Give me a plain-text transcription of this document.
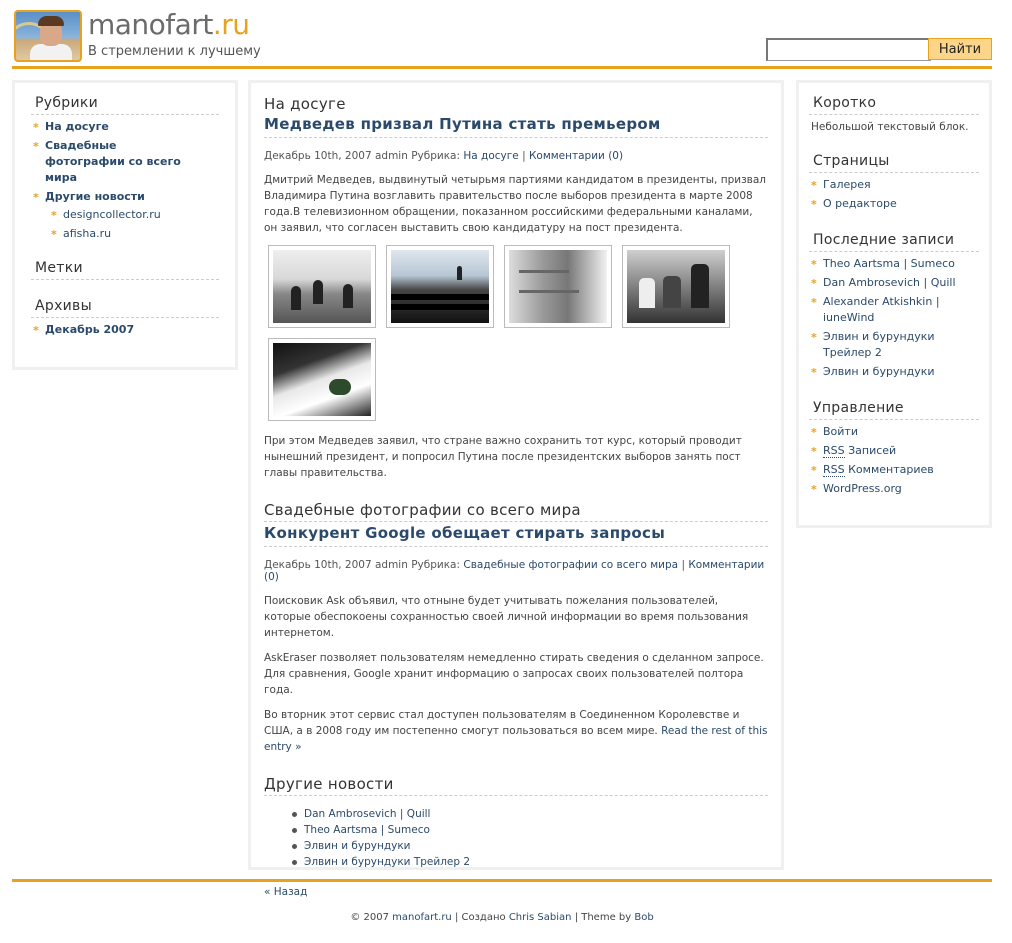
manofart.ru
В стремлении к лучшему	Найти
Рубрики
* На досуге
* Свадебные фотографии со всего мира
* Другие новости
* designcollector.ru
* afisha.ru
Метки
Архивы
* Декабрь 2007
На досуге
Медведев призвал Путина стать премьером
Декабрь 10th, 2007 admin Рубрика: На досуге | Комментарии (0)

Дмитрий Медведев, выдвинутый четырьмя партиями кандидатом в президенты, призвал Владимира Путина возглавить правительство после выборов президента в марте 2008 года.В телевизионном обращении, показанном российскими федеральными каналами, он заявил, что согласен выставить свою кандидатуру на пост президента.

При этом Медведев заявил, что стране важно сохранить тот курс, который проводит нынешний президент, и попросил Путина после президентских выборов занять пост главы правительства.

Свадебные фотографии со всего мира
Конкурент Google обещает стирать запросы
Декабрь 10th, 2007 admin Рубрика: Свадебные фотографии со всего мира | Комментарии (0)

Поисковик Ask объявил, что отныне будет учитывать пожелания пользователей, которые обеспокоены сохранностью своей личной информации во время пользования интернетом.

AskEraser позволяет пользователям немедленно стирать сведения о сделанном запросе. Для сравнения, Google хранит информацию о запросах своих пользователей полтора года.

Во вторник этот сервис стал доступен пользователям в Соединенном Королевстве и США, а в 2008 году им постепенно смогут пользоваться во всем мире. Read the rest of this entry »

Другие новости
Dan Ambrosevich | Quill
Theo Aartsma | Sumeco
Элвин и бурундуки
Элвин и бурундуки Трейлер 2
« Назад
Коротко

Небольшой текстовый блок.

Страницы
* Галерея
* О редакторе
Последние записи
* Theo Aartsma | Sumeco
* Dan Ambrosevich | Quill
* Alexander Atkishkin | iuneWind
* Элвин и бурундуки Трейлер 2
* Элвин и бурундуки
Управление
* Войти
* RSS Записей
* RSS Комментариев
* WordPress.org
© 2007 manofart.ru | Создано Chris Sabian | Theme by Bob
